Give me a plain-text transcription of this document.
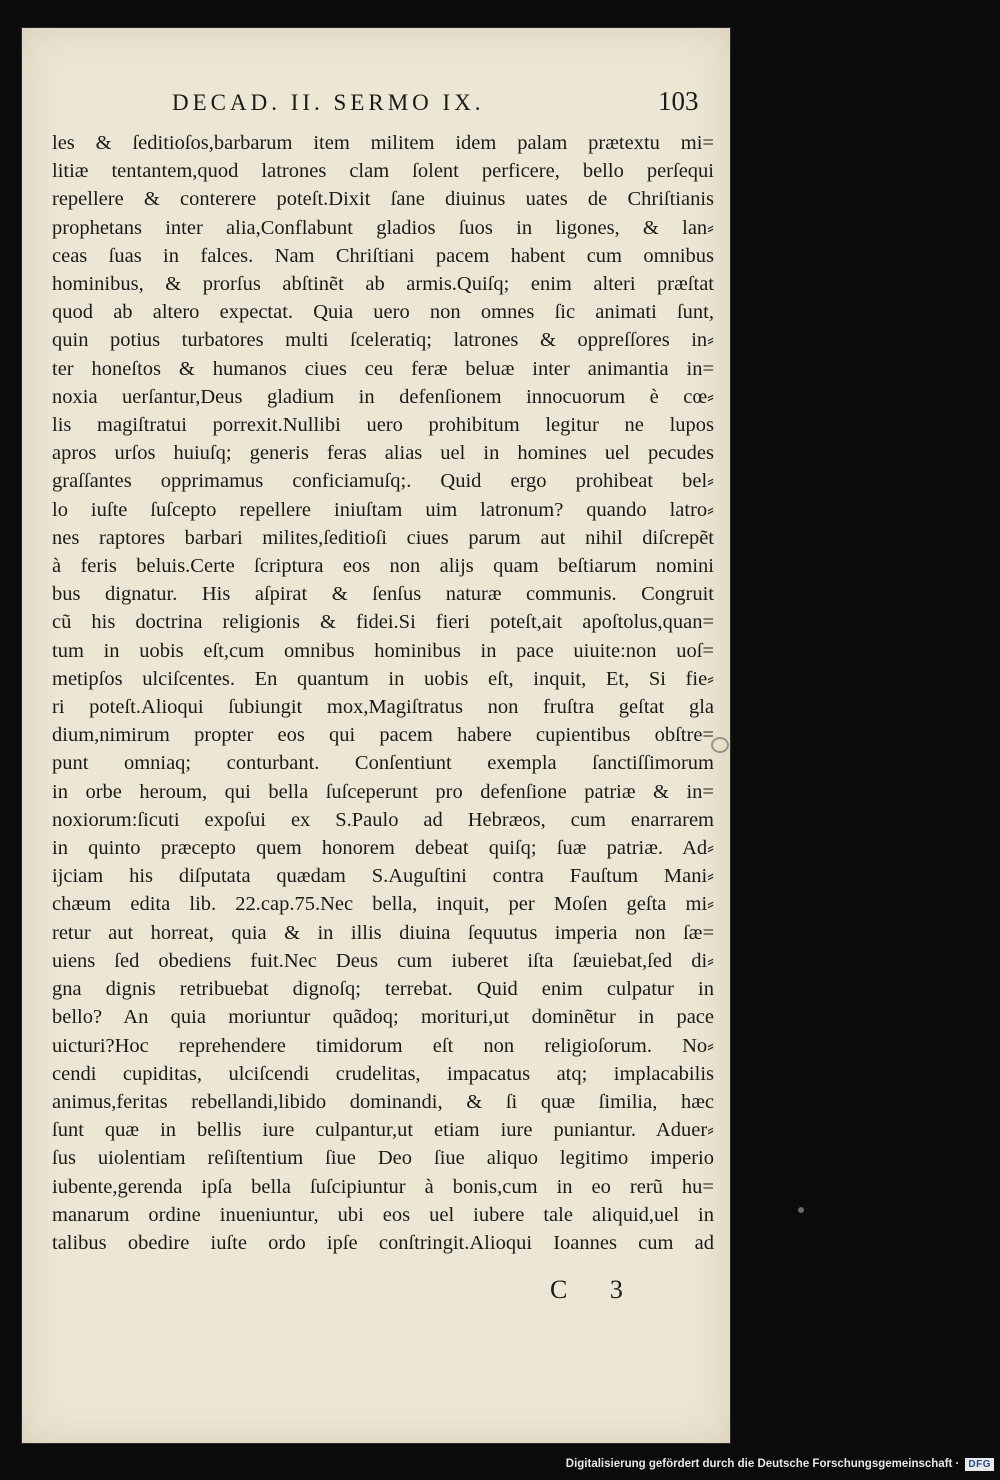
DECAD. II. SERMO IX.	103
les & ſeditioſos,barbarum item militem idem palam prætextu mi=
litiæ tentantem,quod latrones clam ſolent perficere, bello perſequi
repellere & conterere poteſt.Dixit ſane diuinus uates de Chriſtianis
prophetans inter alia,Conflabunt gladios ſuos in ligones, & lan⸗
ceas ſuas in falces. Nam Chriſtiani pacem habent cum omnibus
hominibus, & prorſus abſtinẽt ab armis.Quiſq; enim alteri præſtat
quod ab altero expectat. Quia uero non omnes ſic animati ſunt,
quin potius turbatores multi ſceleratiq; latrones & oppreſſores in⸗
ter honeſtos & humanos ciues ceu feræ beluæ inter animantia in=
noxia uerſantur,Deus gladium in defenſionem innocuorum è cœ⸗
lis magiſtratui porrexit.Nullibi uero prohibitum legitur ne lupos
apros urſos huiuſq; generis feras alias uel in homines uel pecudes
graſſantes opprimamus conficiamuſq;. Quid ergo prohibeat bel⸗
lo iuſte ſuſcepto repellere iniuſtam uim latronum? quando latro⸗
nes raptores barbari milites,ſeditioſi ciues parum aut nihil diſcrepẽt
à feris beluis.Certe ſcriptura eos non alijs quam beſtiarum nomini
bus dignatur. His aſpirat & ſenſus naturæ communis. Congruit
cũ his doctrina religionis & fidei.Si fieri poteſt,ait apoſtolus,quan=
tum in uobis eſt,cum omnibus hominibus in pace uiuite:non uoſ=
metipſos ulciſcentes. En quantum in uobis eſt, inquit, Et, Si fie⸗
ri poteſt.Alioqui ſubiungit mox,Magiſtratus non fruſtra geſtat gla
dium,nimirum propter eos qui pacem habere cupientibus obſtre=
punt omniaq; conturbant. Conſentiunt exempla ſanctiſſimorum
in orbe heroum, qui bella ſuſceperunt pro defenſione patriæ & in=
noxiorum:ſicuti expoſui ex S.Paulo ad Hebræos, cum enarrarem
in quinto præcepto quem honorem debeat quiſq; ſuæ patriæ. Ad⸗
ijciam his diſputata quædam S.Auguſtini contra Fauſtum Mani⸗
chæum edita lib. 22.cap.75.Nec bella, inquit, per Moſen geſta mi⸗
retur aut horreat, quia & in illis diuina ſequutus imperia non ſæ=
uiens ſed obediens fuit.Nec Deus cum iuberet iſta ſæuiebat,ſed di⸗
gna dignis retribuebat dignoſq; terrebat. Quid enim culpatur in
bello? An quia moriuntur quãdoq; morituri,ut dominẽtur in pace
uicturi?Hoc reprehendere timidorum eſt non religioſorum. No⸗
cendi cupiditas, ulciſcendi crudelitas, impacatus atq; implacabilis
animus,feritas rebellandi,libido dominandi, & ſi quæ ſimilia, hæc
ſunt quæ in bellis iure culpantur,ut etiam iure puniantur. Aduer⸗
ſus uiolentiam reſiſtentium ſiue Deo ſiue aliquo legitimo imperio
iubente,gerenda ipſa bella ſuſcipiuntur à bonis,cum in eo rerũ hu=
manarum ordine inueniuntur, ubi eos uel iubere tale aliquid,uel in
talibus obedire iuſte ordo ipſe conſtringit.Alioqui Ioannes cum ad
C 3
Digitalisierung gefördert durch die Deutsche Forschungsgemeinschaft · DFG
